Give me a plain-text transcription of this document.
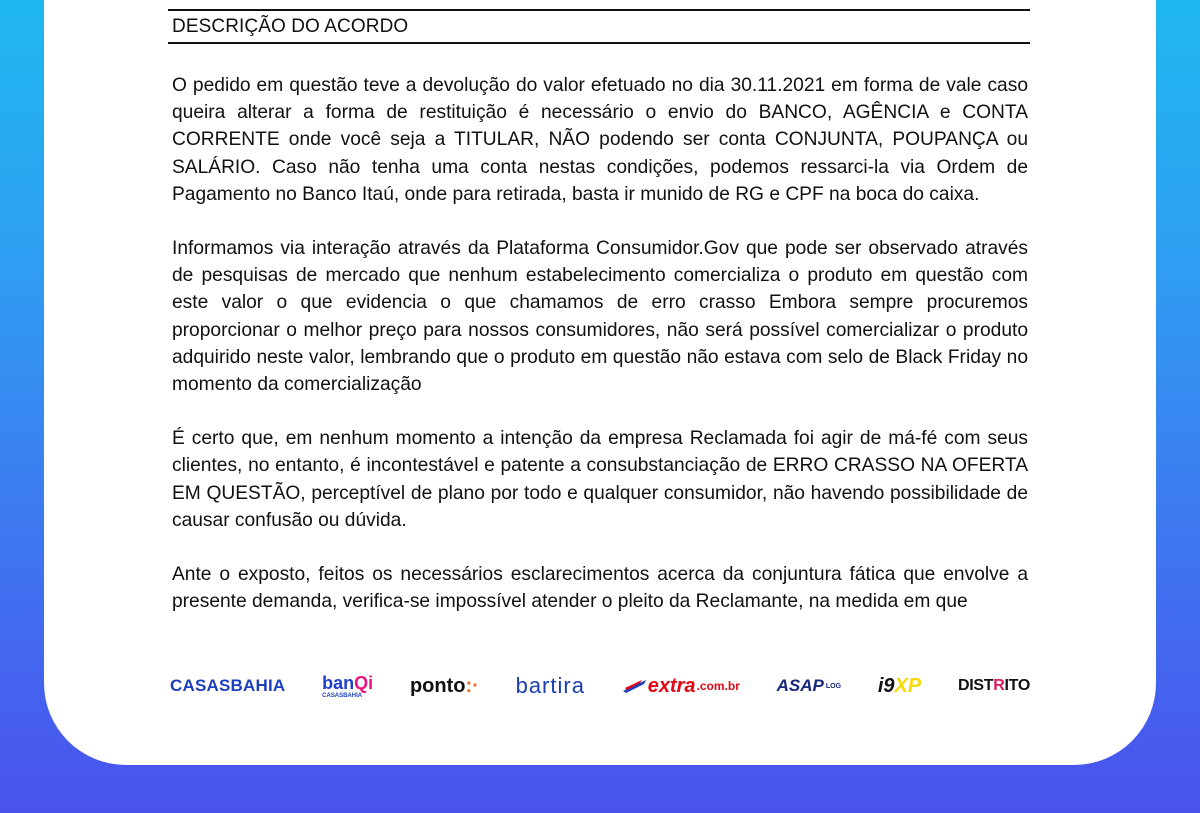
DESCRIÇÃO DO ACORDO

O pedido em questão teve a devolução do valor efetuado no dia 30.11.2021 em forma de vale caso queira alterar a forma de restituição é necessário o envio do BANCO, AGÊNCIA e CONTA CORRENTE onde você seja a TITULAR, NÃO podendo ser conta CONJUNTA, POUPANÇA ou SALÁRIO. Caso não tenha uma conta nestas condições, podemos ressarci-la via Ordem de Pagamento no Banco Itaú, onde para retirada, basta ir munido de RG e CPF na boca do caixa.

Informamos via interação através da Plataforma Consumidor.Gov que pode ser observado através de pesquisas de mercado que nenhum estabelecimento comercializa o produto em questão com este valor o que evidencia o que chamamos de erro crasso Embora sempre procuremos proporcionar o melhor preço para nossos consumidores, não será possível comercializar o produto adquirido neste valor, lembrando que o produto em questão não estava com selo de Black Friday no momento da comercialização

É certo que, em nenhum momento a intenção da empresa Reclamada foi agir de má-fé com seus clientes, no entanto, é incontestável e patente a consubstanciação de ERRO CRASSO NA OFERTA EM QUESTÃO, perceptível de plano por todo e qualquer consumidor, não havendo possibilidade de causar confusão ou dúvida.

Ante o exposto, feitos os necessários esclarecimentos acerca da conjuntura fática que envolve a presente demanda, verifica-se impossível atender o pleito da Reclamante, na medida em que

CASASBAHIA banQi
CASASBAHIA ponto :· bartira	extra .com.br ASAP LOG i9 XP DIST R ITO
